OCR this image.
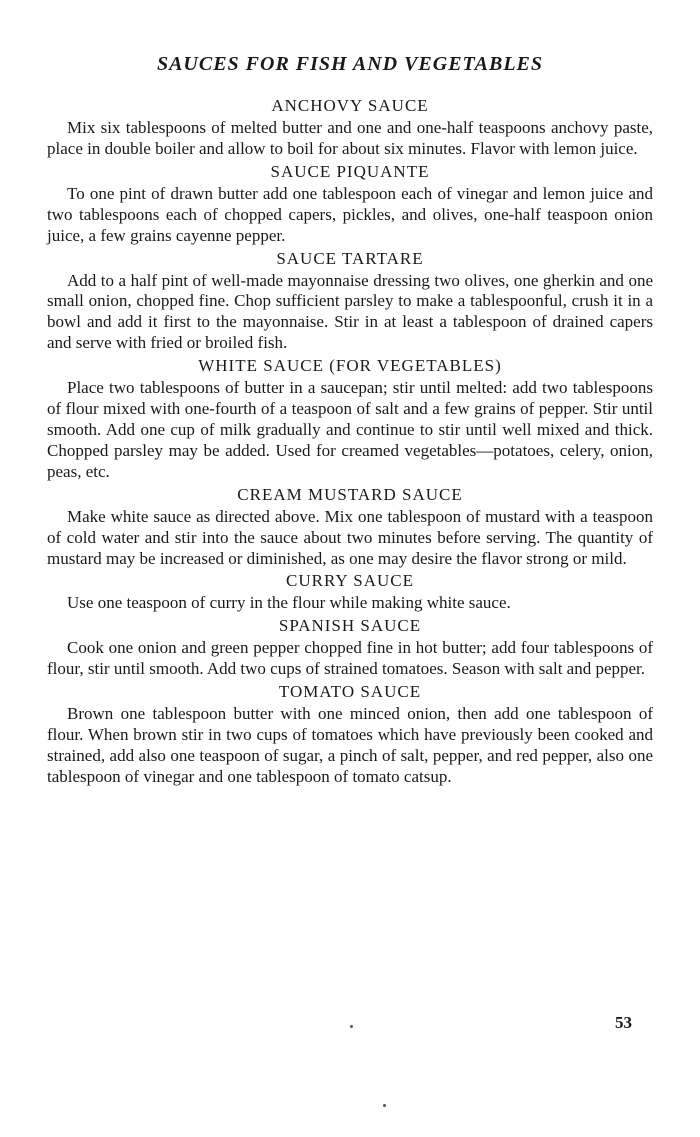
SAUCES FOR FISH AND VEGETABLES
ANCHOVY SAUCE

Mix six tablespoons of melted butter and one and one-half teaspoons anchovy paste, place in double boiler and allow to boil for about six minutes. Flavor with lemon juice.

SAUCE PIQUANTE

To one pint of drawn butter add one tablespoon each of vinegar and lemon juice and two tablespoons each of chopped capers, pickles, and olives, one-half teaspoon onion juice, a few grains cayenne pepper.

SAUCE TARTARE

Add to a half pint of well-made mayonnaise dressing two olives, one gherkin and one small onion, chopped fine. Chop sufficient parsley to make a tablespoonful, crush it in a bowl and add it first to the mayonnaise. Stir in at least a tablespoon of drained capers and serve with fried or broiled fish.

WHITE SAUCE (FOR VEGETABLES)

Place two tablespoons of butter in a saucepan; stir until melted: add two tablespoons of flour mixed with one-fourth of a teaspoon of salt and a few grains of pepper. Stir until smooth. Add one cup of milk gradually and continue to stir until well mixed and thick. Chopped parsley may be added. Used for creamed vegetables—potatoes, celery, onion, peas, etc.

CREAM MUSTARD SAUCE

Make white sauce as directed above. Mix one tablespoon of mustard with a teaspoon of cold water and stir into the sauce about two minutes before serving. The quantity of mustard may be increased or diminished, as one may desire the flavor strong or mild.

CURRY SAUCE

Use one teaspoon of curry in the flour while making white sauce.

SPANISH SAUCE

Cook one onion and green pepper chopped fine in hot butter; add four tablespoons of flour, stir until smooth. Add two cups of strained tomatoes. Season with salt and pepper.

TOMATO SAUCE

Brown one tablespoon butter with one minced onion, then add one tablespoon of flour. When brown stir in two cups of tomatoes which have previously been cooked and strained, add also one teaspoon of sugar, a pinch of salt, pepper, and red pepper, also one tablespoon of vinegar and one tablespoon of tomato catsup.

53
